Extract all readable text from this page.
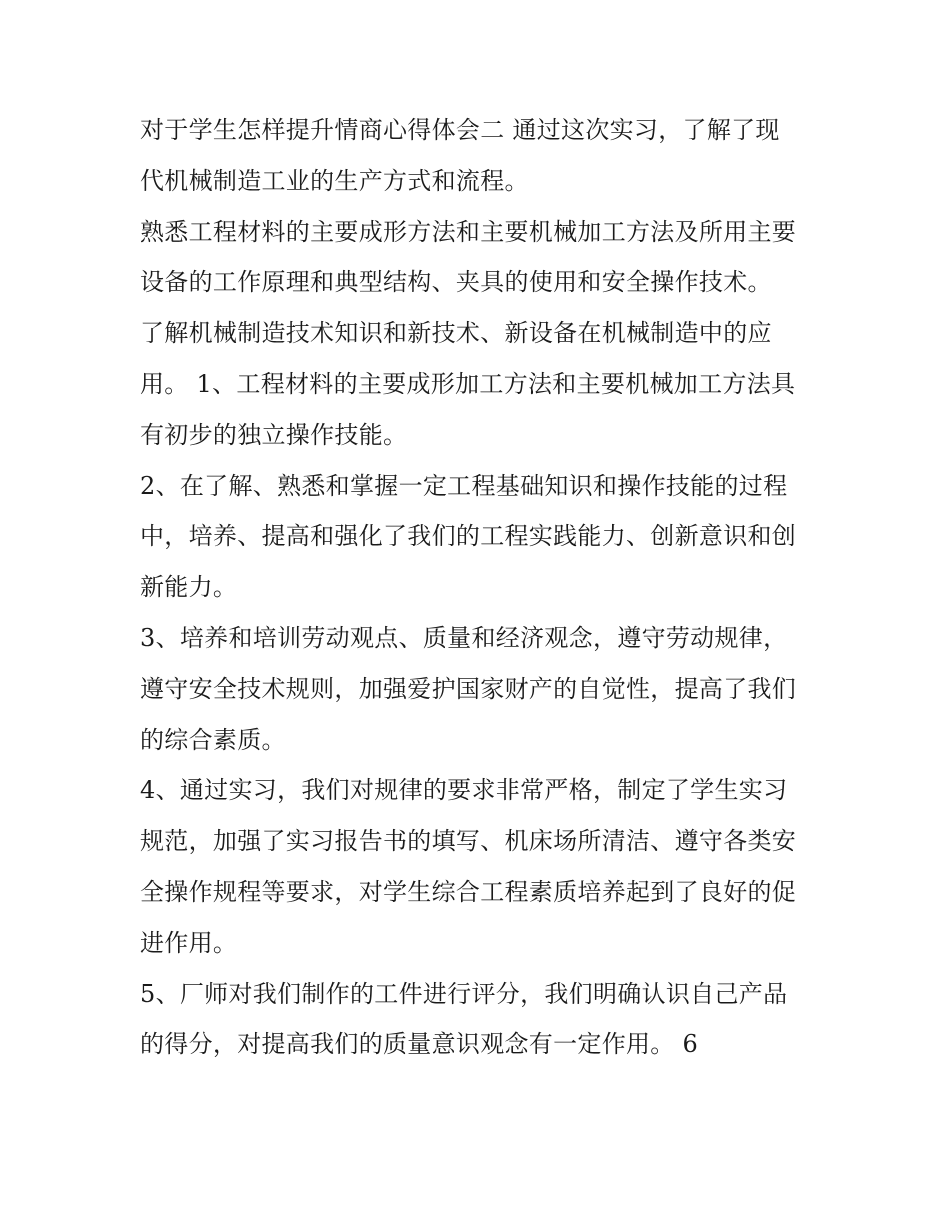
对于学生怎样提升情商心得体会二 通过这次实习，了解了现
代机械制造工业的生产方式和流程。
熟悉工程材料的主要成形方法和主要机械加工方法及所用主要
设备的工作原理和典型结构、夹具的使用和安全操作技术。
了解机械制造技术知识和新技术、新设备在机械制造中的应
用。 1、工程材料的主要成形加工方法和主要机械加工方法具
有初步的独立操作技能。
2、在了解、熟悉和掌握一定工程基础知识和操作技能的过程
中，培养、提高和强化了我们的工程实践能力、创新意识和创
新能力。
3、培养和培训劳动观点、质量和经济观念，遵守劳动规律，
遵守安全技术规则，加强爱护国家财产的自觉性，提高了我们
的综合素质。
4、通过实习，我们对规律的要求非常严格，制定了学生实习
规范，加强了实习报告书的填写、机床场所清洁、遵守各类安
全操作规程等要求，对学生综合工程素质培养起到了良好的促
进作用。
5、厂师对我们制作的工件进行评分，我们明确认识自己产品
的得分，对提高我们的质量意识观念有一定作用。 6
